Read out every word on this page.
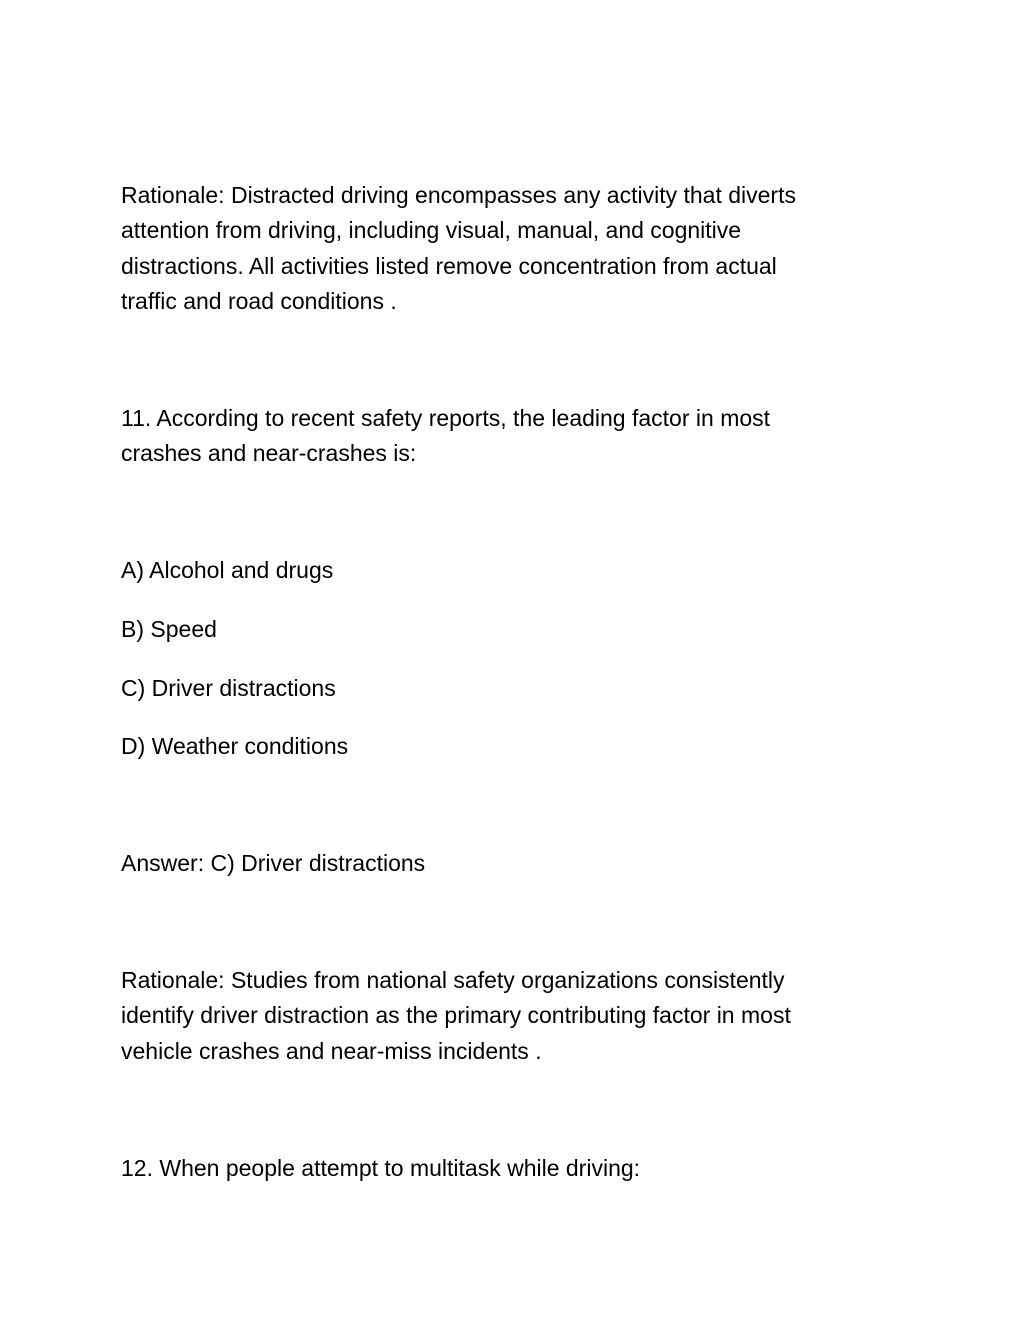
Rationale: Distracted driving encompasses any activity that diverts
attention from driving, including visual, manual, and cognitive
distractions. All activities listed remove concentration from actual
traffic and road conditions .

11. According to recent safety reports, the leading factor in most
crashes and near-crashes is:

A) Alcohol and drugs

B) Speed

C) Driver distractions

D) Weather conditions

Answer: C) Driver distractions

Rationale: Studies from national safety organizations consistently
identify driver distraction as the primary contributing factor in most
vehicle crashes and near-miss incidents .

12. When people attempt to multitask while driving:
